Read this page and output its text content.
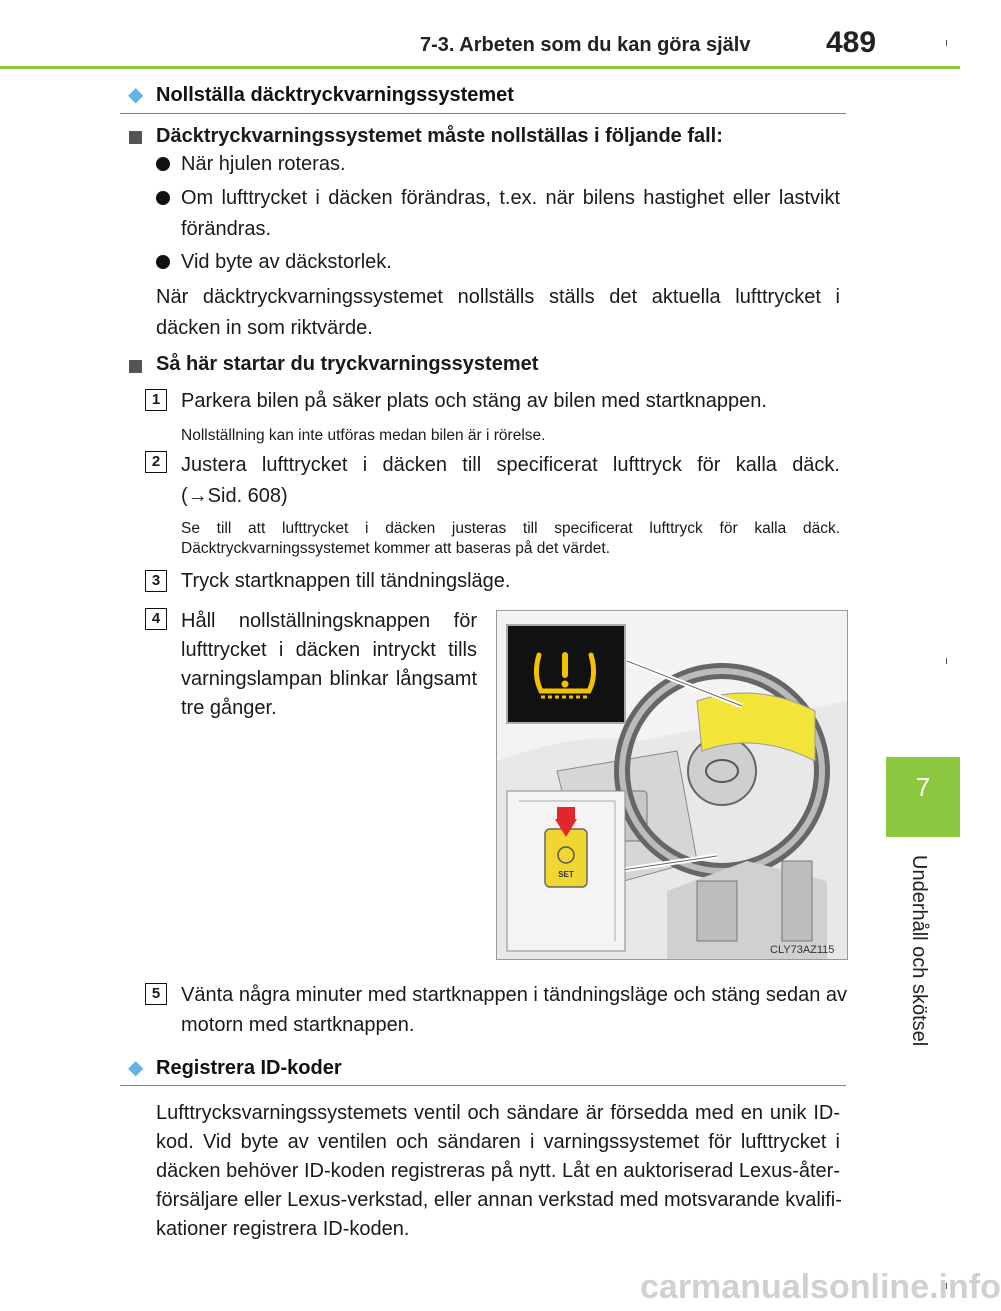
7-3. Arbeten som du kan göra själv	489
7
Underhåll och skötsel
◆ Nollställa däcktryckvarningssystemet
Däcktryckvarningssystemet måste nollställas i följande fall:
När hjulen roteras.
Om lufttrycket i däcken förändras, t.ex. när bilens hastighet eller lastvikt
förändras.
Vid byte av däckstorlek.
När däcktryckvarningssystemet nollställs ställs det aktuella lufttrycket i
däcken in som riktvärde.
Så här startar du tryckvarningssystemet
1	Parkera bilen på säker plats och stäng av bilen med startknappen.
Nollställning kan inte utföras medan bilen är i rörelse.
2	Justera lufttrycket i däcken till specificerat lufttryck för kalla däck.
(→Sid. 608)
Se till att lufttrycket i däcken justeras till specificerat lufttryck för kalla däck.
Däcktryckvarningssystemet kommer att baseras på det värdet.
3	Tryck startknappen till tändningsläge.
4	Håll nollställningsknappen för
lufttrycket i däcken intryckt tills
varningslampan blinkar långsamt
tre gånger.
SET
CLY73AZ115
5	Vänta några minuter med startknappen i tändningsläge och stäng sedan av
motorn med startknappen.
◆ Registrera ID-koder
Lufttrycksvarningssystemets ventil och sändare är försedda med en unik ID-
kod. Vid byte av ventilen och sändaren i varningssystemet för lufttrycket i
däcken behöver ID-koden registreras på nytt. Låt en auktoriserad Lexus-åter-
försäljare eller Lexus-verkstad, eller annan verkstad med motsvarande kvalifi-
kationer registrera ID-koden.
carmanualsonline.info
